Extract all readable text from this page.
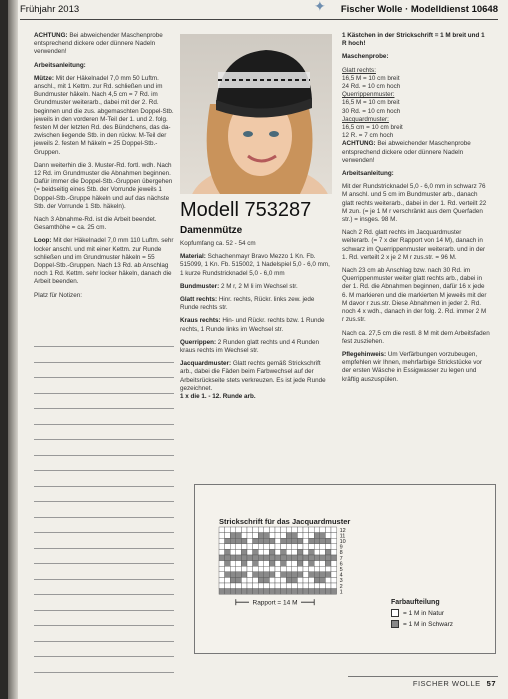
Frühjahr 2013	✦ Fischer Wolle · Modelldienst 10648

ACHTUNG: Bei abweichender Maschenprobe entsprechend dickere oder dünnere Nadeln verwenden!

Arbeitsanleitung:

Mütze: Mit der Häkelnadel 7,0 mm 50 Luftm. anschl., mit 1 Kettm. zur Rd. schließen und im Bundmuster häkeln. Nach 4,5 cm = 7 Rd. im Grundmuster weiterarb., dabei mit der 2. Rd. beginnen und die zus. abgemaschten Doppel-Stb. jeweils in den vorderen M-Teil der 1. und 2. folg. festen M der letzten Rd. des Bündchens, das dazwischen liegende Stb. in den rückw. M-Teil der jeweils 2. festen M häkeln = 25 Doppel-Stb.-Gruppen.

Dann weiterhin die 3. Muster-Rd. fortl. wdh. Nach 12 Rd. im Grundmuster die Abnahmen beginnen. Dafür immer die Doppel-Stb.-Gruppen übergehen (= beidseitig eines Stb. der Vorrunde jeweils 1 Doppel-Stb.-Gruppe häkeln und auf das nächste Stb. der Vorrunde 1 Stb. häkeln).

Nach 3 Abnahme-Rd. ist die Arbeit beendet. Gesamthöhe = ca. 25 cm.

Loop: Mit der Häkelnadel 7,0 mm 110 Luftm. sehr locker anschl. und mit einer Kettm. zur Runde schließen und im Grundmuster häkeln = 55 Doppel-Stb.-Gruppen. Nach 13 Rd. ab Anschlag noch 1 Rd. Kettm. sehr locker häkeln, danach die Arbeit beenden.

Platz für Notizen:

Modell 753287
Damenmütze

Kopfumfang ca. 52 - 54 cm

Material: Schachenmayr Bravo Mezzo 1 Kn. Fb. 515099, 1 Kn. Fb. 515002, 1 Nadelspiel 5,0 - 6,0 mm, 1 kurze Rundstricknadel 5,0 - 6,0 mm

Bundmuster: 2 M r, 2 M li im Wechsel str.

Glatt rechts: Hinr. rechts, Rückr. links zew. jede Runde rechts str.

Kraus rechts: Hin- und Rückr. rechts bzw. 1 Runde rechts, 1 Runde links im Wechsel str.

Querrippen: 2 Runden glatt rechts und 4 Runden kraus rechts im Wechsel str.

Jacquardmuster: Glatt rechts gemäß Strickschrift arb., dabei die Fäden beim Farbwechsel auf der Arbeitsrückseite stets verkreuzen. Es ist jede Runde gezeichnet.
1 x die 1. - 12. Runde arb.

1 Kästchen in der Strickschrift = 1 M breit und 1 R hoch!

Maschenprobe:

Glatt rechts:
16,5 M = 10 cm breit
24 Rd. = 10 cm hoch
Querrippenmuster:
16,5 M = 10 cm breit
30 Rd. = 10 cm hoch
Jacquardmuster:
16,5 cm = 10 cm breit
12 R. = 7 cm hoch
ACHTUNG: Bei abweichender Maschenprobe entsprechend dickere oder dünnere Nadeln verwenden!

Arbeitsanleitung:

Mit der Rundstricknadel 5,0 - 6,0 mm in schwarz 76 M anschl. und 5 cm im Bundmuster arb., danach glatt rechts weiterarb., dabei in der 1. Rd. verteilt 22 M zun. (= je 1 M r verschränkt aus dem Querfaden str.) = insges. 98 M.

Nach 2 Rd. glatt rechts im Jacquardmuster weiterarb. (= 7 x der Rapport von 14 M), danach in schwarz im Querrippenmuster weiterarb. und in der 1. Rd. verteilt 2 x je 2 M r zus.str. = 96 M.

Nach 23 cm ab Anschlag bzw. nach 30 Rd. im Querrippenmuster weiter glatt rechts arb., dabei in der 1. Rd. die Abnahmen beginnen, dafür 16 x jede 6. M markieren und die markierten M jeweils mit der M davor r zus.str. Diese Abnahmen in jeder 2. Rd. noch 4 x wdh., danach in der folg. 2. Rd. immer 2 M r zus.str.

Nach ca. 27,5 cm die restl. 8 M mit dem Arbeitsfaden fest zusziehen.

Pflegehinweis: Um Verfärbungen vorzubeugen, empfehlen wir Ihnen, mehrfarbige Strickstücke vor der ersten Wäsche in Essigwasser zu legen und kräftig auszuspülen.

Strickschrift für das Jacquardmuster
12
11
10
9
8
7
6
5
4
3
2
1
Rapport = 14 M	Farbaufteilung
= 1 M in Natur
= 1 M in Schwarz
FISCHER WOLLE 57
